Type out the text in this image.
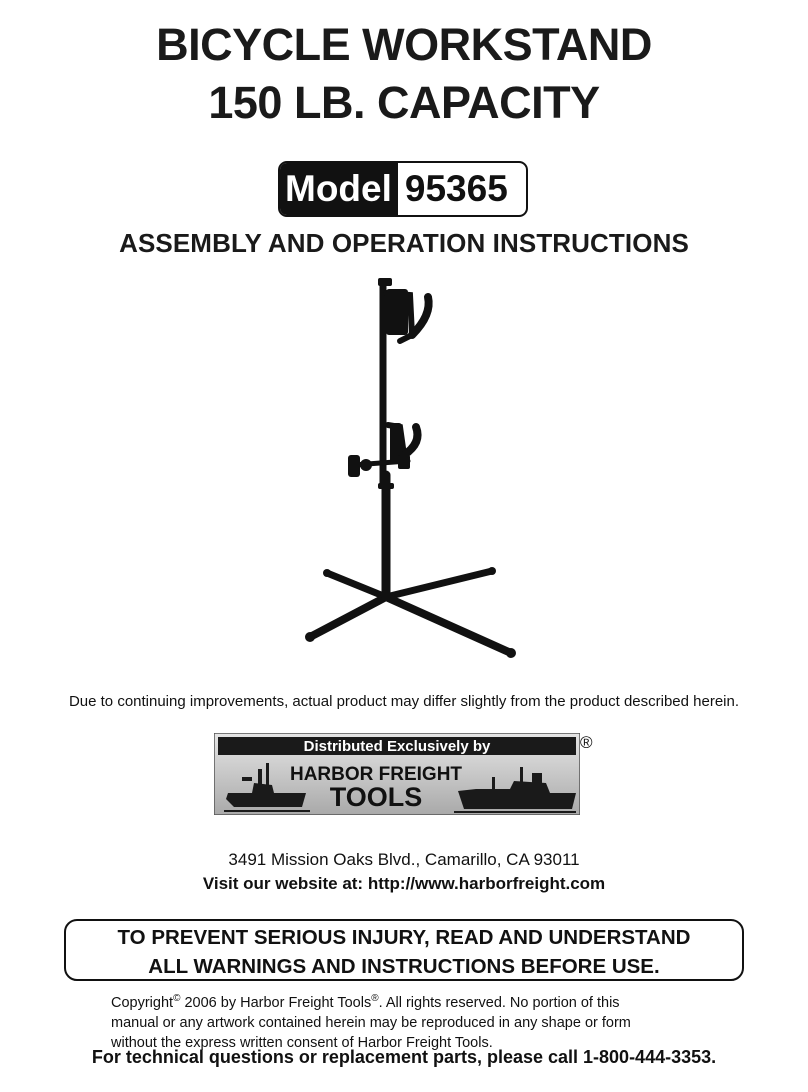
BICYCLE WORKSTAND
150 LB. CAPACITY
Model 95365
ASSEMBLY AND OPERATION INSTRUCTIONS
Due to continuing improvements, actual product may differ slightly from the product described herein.
Distributed Exclusively by
HARBOR FREIGHT
TOOLS
®
3491 Mission Oaks Blvd., Camarillo, CA 93011
Visit our website at: http://www.harborfreight.com
TO PREVENT SERIOUS INJURY, READ AND UNDERSTAND
ALL WARNINGS AND INSTRUCTIONS BEFORE USE.
Copyright© 2006 by Harbor Freight Tools®. All rights reserved. No portion of this
manual or any artwork contained herein may be reproduced in any shape or form
without the express written consent of Harbor Freight Tools.
For technical questions or replacement parts, please call 1-800-444-3353.
